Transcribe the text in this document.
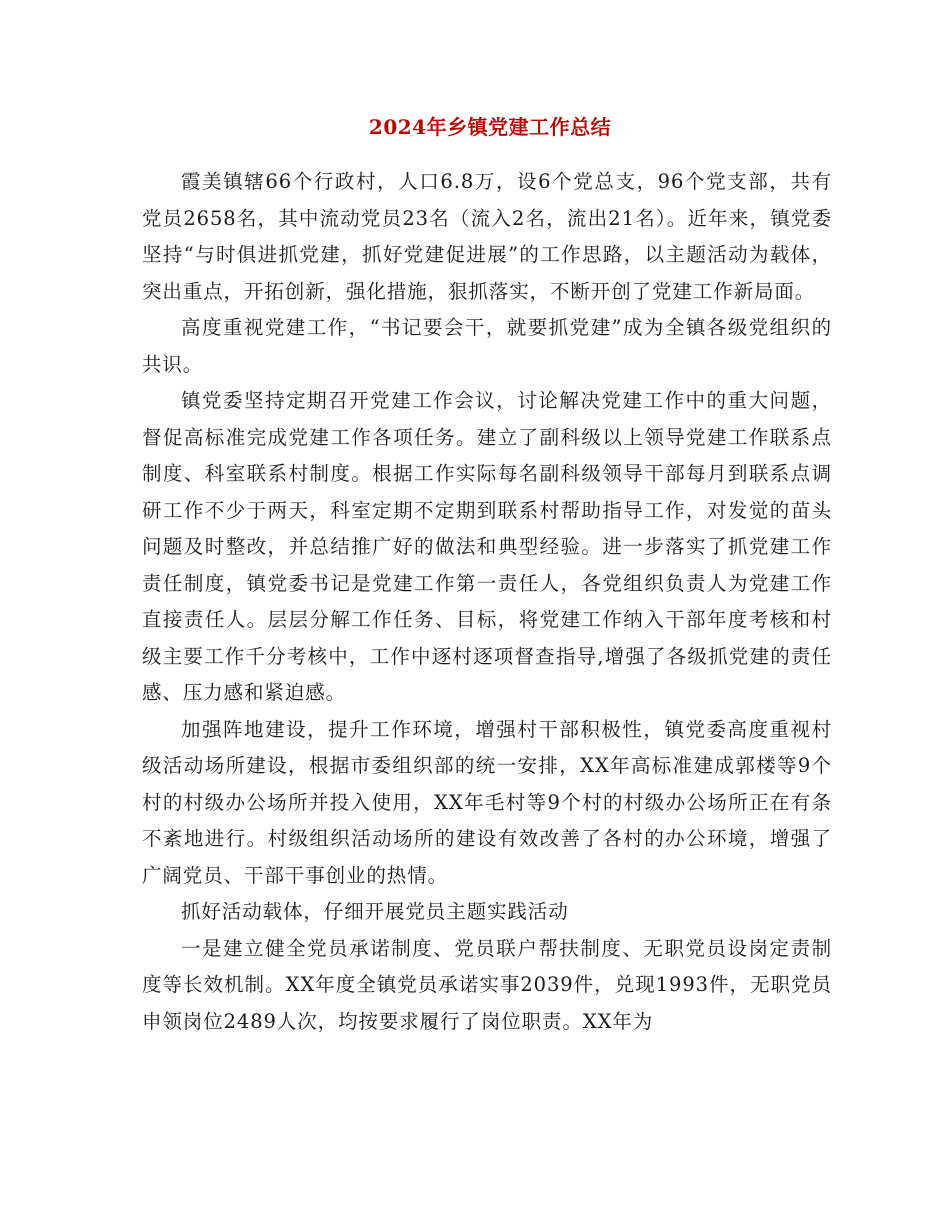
2024年乡镇党建工作总结

霞美镇辖66个行政村，人口6.8万，设6个党总支，96个党支部，共有党员2658名，其中流动党员23名（流入2名，流出21名）。近年来，镇党委坚持“与时俱进抓党建，抓好党建促进展”的工作思路，以主题活动为载体，突出重点，开拓创新，强化措施，狠抓落实，不断开创了党建工作新局面。

高度重视党建工作，“书记要会干，就要抓党建”成为全镇各级党组织的共识。

镇党委坚持定期召开党建工作会议，讨论解决党建工作中的重大问题，督促高标准完成党建工作各项任务。建立了副科级以上领导党建工作联系点制度、科室联系村制度。根据工作实际每名副科级领导干部每月到联系点调研工作不少于两天，科室定期不定期到联系村帮助指导工作，对发觉的苗头问题及时整改，并总结推广好的做法和典型经验。进一步落实了抓党建工作责任制度，镇党委书记是党建工作第一责任人，各党组织负责人为党建工作直接责任人。层层分解工作任务、目标，将党建工作纳入干部年度考核和村级主要工作千分考核中，工作中逐村逐项督查指导,增强了各级抓党建的责任感、压力感和紧迫感。

加强阵地建设，提升工作环境，增强村干部积极性，镇党委高度重视村级活动场所建设，根据市委组织部的统一安排，XX年高标准建成郭楼等9个村的村级办公场所并投入使用，XX年毛村等9个村的村级办公场所正在有条不紊地进行。村级组织活动场所的建设有效改善了各村的办公环境，增强了广阔党员、干部干事创业的热情。

抓好活动载体，仔细开展党员主题实践活动

一是建立健全党员承诺制度、党员联户帮扶制度、无职党员设岗定责制度等长效机制。XX年度全镇党员承诺实事2039件，兑现1993件，无职党员申领岗位2489人次，均按要求履行了岗位职责。XX年为
